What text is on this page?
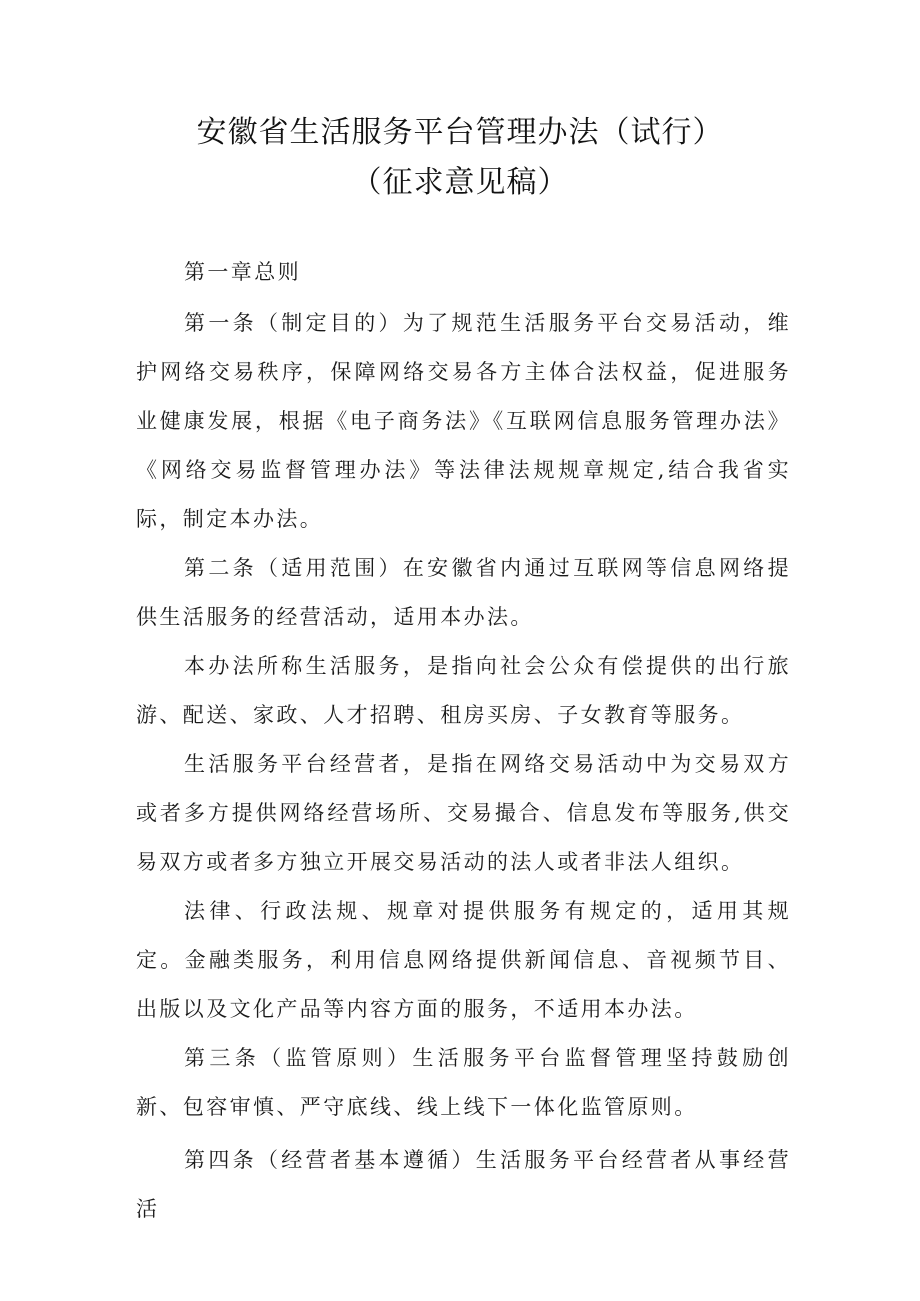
安徽省生活服务平台管理办法（试行）
（征求意见稿）
第一章总则

第一条（制定目的）为了规范生活服务平台交易活动，维护网络交易秩序，保障网络交易各方主体合法权益，促进服务业健康发展，根据《电子商务法》《互联网信息服务管理办法》《网络交易监督管理办法》等法律法规规章规定,结合我省实际，制定本办法。

第二条（适用范围）在安徽省内通过互联网等信息网络提供生活服务的经营活动，适用本办法。

本办法所称生活服务，是指向社会公众有偿提供的出行旅游、配送、家政、人才招聘、租房买房、子女教育等服务。

生活服务平台经营者，是指在网络交易活动中为交易双方或者多方提供网络经营场所、交易撮合、信息发布等服务,供交易双方或者多方独立开展交易活动的法人或者非法人组织。

法律、行政法规、规章对提供服务有规定的，适用其规定。金融类服务，利用信息网络提供新闻信息、音视频节目、出版以及文化产品等内容方面的服务，不适用本办法。

第三条（监管原则）生活服务平台监督管理坚持鼓励创新、包容审慎、严守底线、线上线下一体化监管原则。

第四条（经营者基本遵循）生活服务平台经营者从事经营活
